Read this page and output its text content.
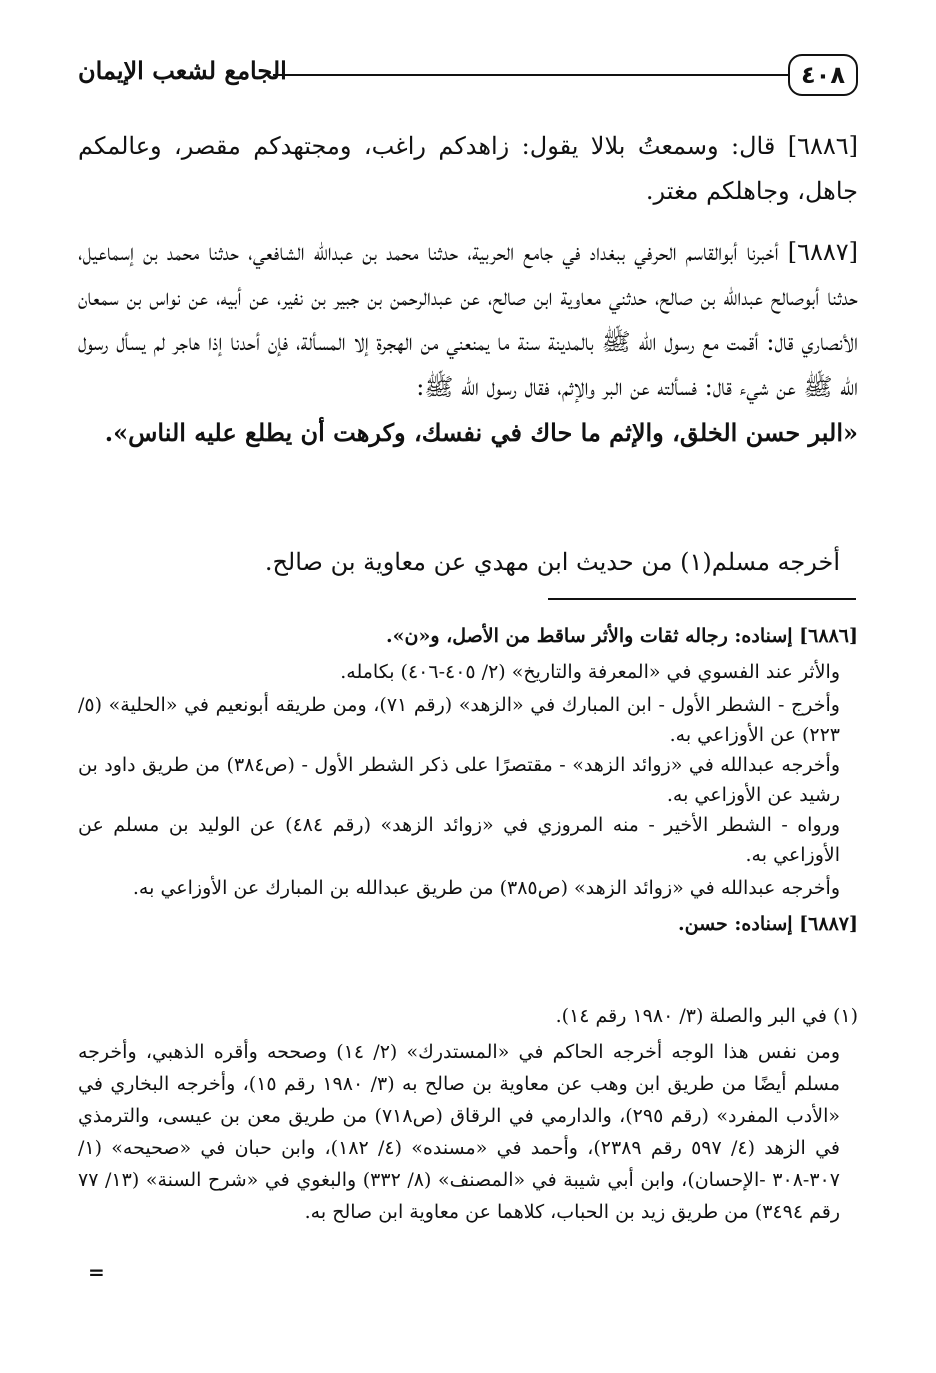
الجامع لشعب الإيمان	٤٠٨

[٦٨٨٦] قال: وسمعتُ بلالا يقول: زاهدكم راغب، ومجتهدكم مقصر، وعالمكم جاهل، وجاهلكم مغتر.

[٦٨٨٧] أخبرنا أبوالقاسم الحرفي ببغداد في جامع الحربية، حدثنا محمد بن عبدالله الشافعي، حدثنا محمد بن إسماعيل، حدثنا أبوصالح عبدالله بن صالح، حدثني معاوية ابن صالح، عن عبدالرحمن بن جبير بن نفير، عن أبيه، عن نواس بن سمعان الأنصاري قال: أقمت مع رسول الله ﷺ بالمدينة سنة ما يمنعني من الهجرة إلا المسألة، فإن أحدنا إذا هاجر لم يسأل رسول الله ﷺ عن شيء قال: فسألته عن البر والإثم، فقال رسول الله ﷺ:

«البر حسن الخلق، والإثم ما حاك في نفسك، وكرهت أن يطلع عليه الناس».

أخرجه مسلم(١) من حديث ابن مهدي عن معاوية بن صالح.

[٦٨٨٦] إسناده: رجاله ثقات والأثر ساقط من الأصل، و«ن».

والأثر عند الفسوي في «المعرفة والتاريخ» (٢/ ٤٠٥-٤٠٦) بكامله.

وأخرج - الشطر الأول - ابن المبارك في «الزهد» (رقم ٧١)، ومن طريقه أبونعيم في «الحلية» (٥/ ٢٢٣) عن الأوزاعي به.

وأخرجه عبدالله في «زوائد الزهد» - مقتصرًا على ذكر الشطر الأول - (ص٣٨٤) من طريق داود بن رشيد عن الأوزاعي به.

ورواه - الشطر الأخير - منه المروزي في «زوائد الزهد» (رقم ٤٨٤) عن الوليد بن مسلم عن الأوزاعي به.

وأخرجه عبدالله في «زوائد الزهد» (ص٣٨٥) من طريق عبدالله بن المبارك عن الأوزاعي به.

[٦٨٨٧] إسناده: حسن.

(١) في البر والصلة (٣/ ١٩٨٠ رقم ١٤).

ومن نفس هذا الوجه أخرجه الحاكم في «المستدرك» (٢/ ١٤) وصححه وأقره الذهبي، وأخرجه مسلم أيضًا من طريق ابن وهب عن معاوية بن صالح به (٣/ ١٩٨٠ رقم ١٥)، وأخرجه البخاري في «الأدب المفرد» (رقم ٢٩٥)، والدارمي في الرقاق (ص٧١٨) من طريق معن بن عيسى، والترمذي في الزهد (٤/ ٥٩٧ رقم ٢٣٨٩)، وأحمد في «مسنده» (٤/ ١٨٢)، وابن حبان في «صحيحه» (١/ ٣٠٧-٣٠٨ -الإحسان)، وابن أبي شيبة في «المصنف» (٨/ ٣٣٢) والبغوي في «شرح السنة» (١٣/ ٧٧ رقم ٣٤٩٤) من طريق زيد بن الحباب، كلاهما عن معاوية ابن صالح به.

=
